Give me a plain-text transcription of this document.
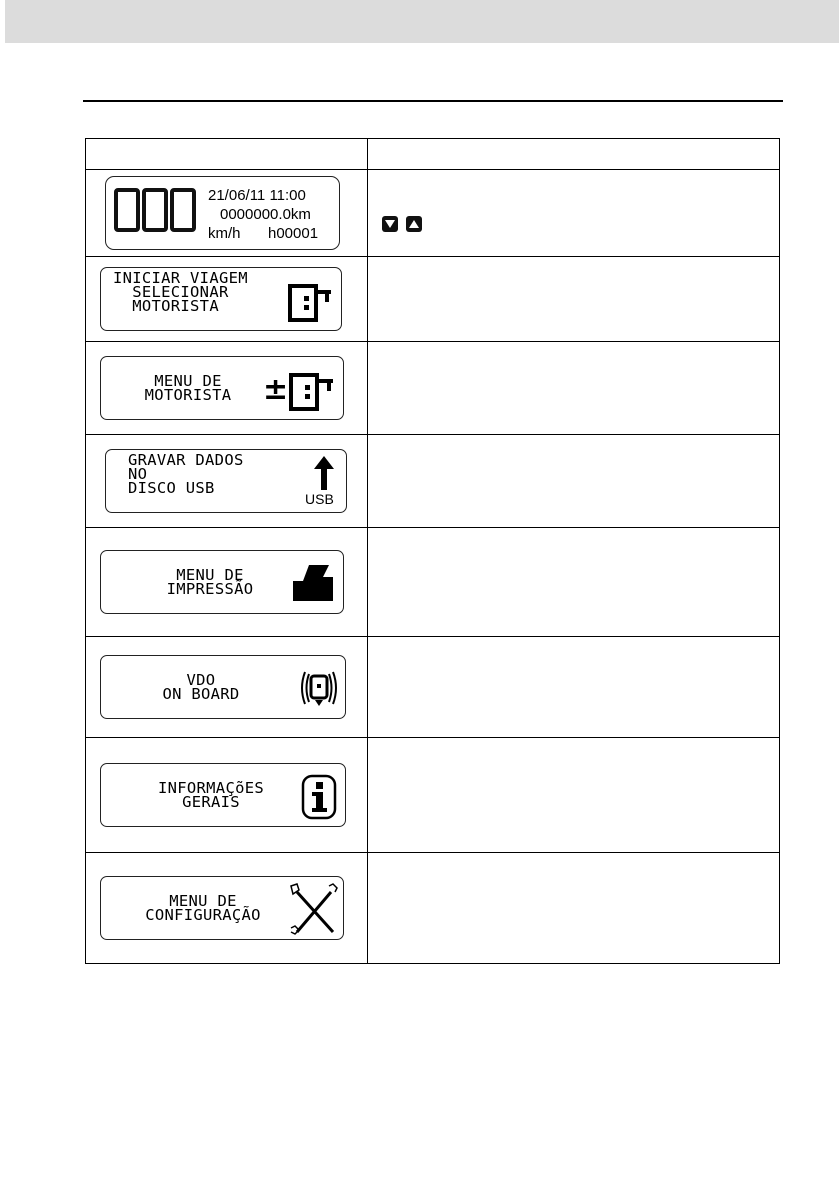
21/06/11 11:00
0000000.0km
km/h h00001

INICIAR VIAGEM
SELECIONAR
MOTORISTA	

MENU DE
MOTORISTA ±	

GRAVAR DADOS
NO
DISCO USB
USB	

MENU DE
IMPRESSÃO	

VDO
ON BOARD	

INFORMAÇõES
GERAIS	

MENU DE
CONFIGURAÇÃO	
